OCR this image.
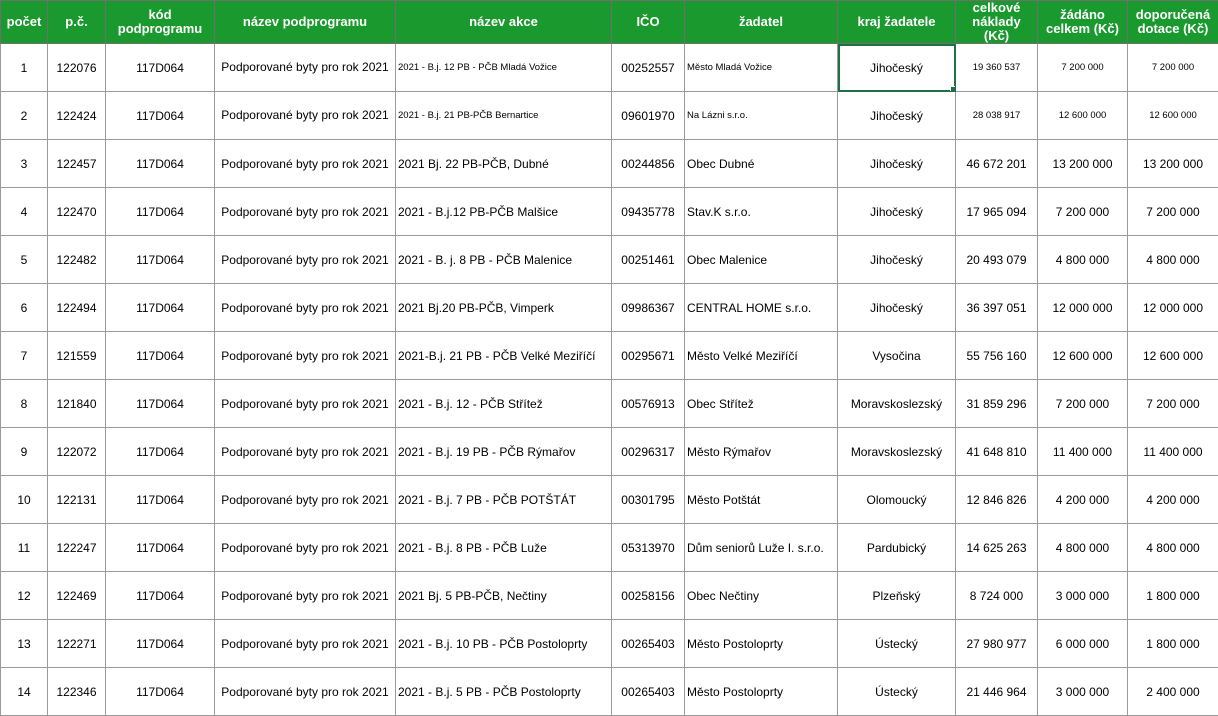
počet	p.č.	kód podprogramu	název podprogramu	název akce	IČO	žadatel	kraj žadatele	celkové náklady (Kč)	žádáno celkem (Kč)	doporučená dotace (Kč)
1	122076	117D064	Podporované byty pro rok 2021	2021 - B.j. 12 PB - PČB Mladá Vožice	00252557	Město Mladá Vožice	Jihočeský	19 360 537	7 200 000	7 200 000
2	122424	117D064	Podporované byty pro rok 2021	2021 - B.j. 21 PB-PČB Bernartice	09601970	Na Lázni s.r.o.	Jihočeský	28 038 917	12 600 000	12 600 000
3	122457	117D064	Podporované byty pro rok 2021	2021 Bj. 22 PB-PČB, Dubné	00244856	Obec Dubné	Jihočeský	46 672 201	13 200 000	13 200 000
4	122470	117D064	Podporované byty pro rok 2021	2021 - B.j.12 PB-PČB Malšice	09435778	Stav.K s.r.o.	Jihočeský	17 965 094	7 200 000	7 200 000
5	122482	117D064	Podporované byty pro rok 2021	2021 - B. j. 8 PB - PČB Malenice	00251461	Obec Malenice	Jihočeský	20 493 079	4 800 000	4 800 000
6	122494	117D064	Podporované byty pro rok 2021	2021 Bj.20 PB-PČB, Vimperk	09986367	CENTRAL HOME s.r.o.	Jihočeský	36 397 051	12 000 000	12 000 000
7	121559	117D064	Podporované byty pro rok 2021	2021-B.j. 21 PB - PČB Velké Meziříčí	00295671	Město Velké Meziříčí	Vysočina	55 756 160	12 600 000	12 600 000
8	121840	117D064	Podporované byty pro rok 2021	2021 - B.j. 12 - PČB Střítež	00576913	Obec Střítež	Moravskoslezský	31 859 296	7 200 000	7 200 000
9	122072	117D064	Podporované byty pro rok 2021	2021 - B.j. 19 PB - PČB Rýmařov	00296317	Město Rýmařov	Moravskoslezský	41 648 810	11 400 000	11 400 000
10	122131	117D064	Podporované byty pro rok 2021	2021 - B.j. 7 PB - PČB POTŠTÁT	00301795	Město Potštát	Olomoucký	12 846 826	4 200 000	4 200 000
11	122247	117D064	Podporované byty pro rok 2021	2021 - B.j. 8 PB - PČB Luže	05313970	Dům seniorů Luže I. s.r.o.	Pardubický	14 625 263	4 800 000	4 800 000
12	122469	117D064	Podporované byty pro rok 2021	2021 Bj. 5 PB-PČB, Nečtiny	00258156	Obec Nečtiny	Plzeňský	8 724 000	3 000 000	1 800 000
13	122271	117D064	Podporované byty pro rok 2021	2021 - B.j. 10 PB - PČB Postoloprty	00265403	Město Postoloprty	Ústecký	27 980 977	6 000 000	1 800 000
14	122346	117D064	Podporované byty pro rok 2021	2021 - B.j. 5 PB - PČB Postoloprty	00265403	Město Postoloprty	Ústecký	21 446 964	3 000 000	2 400 000
